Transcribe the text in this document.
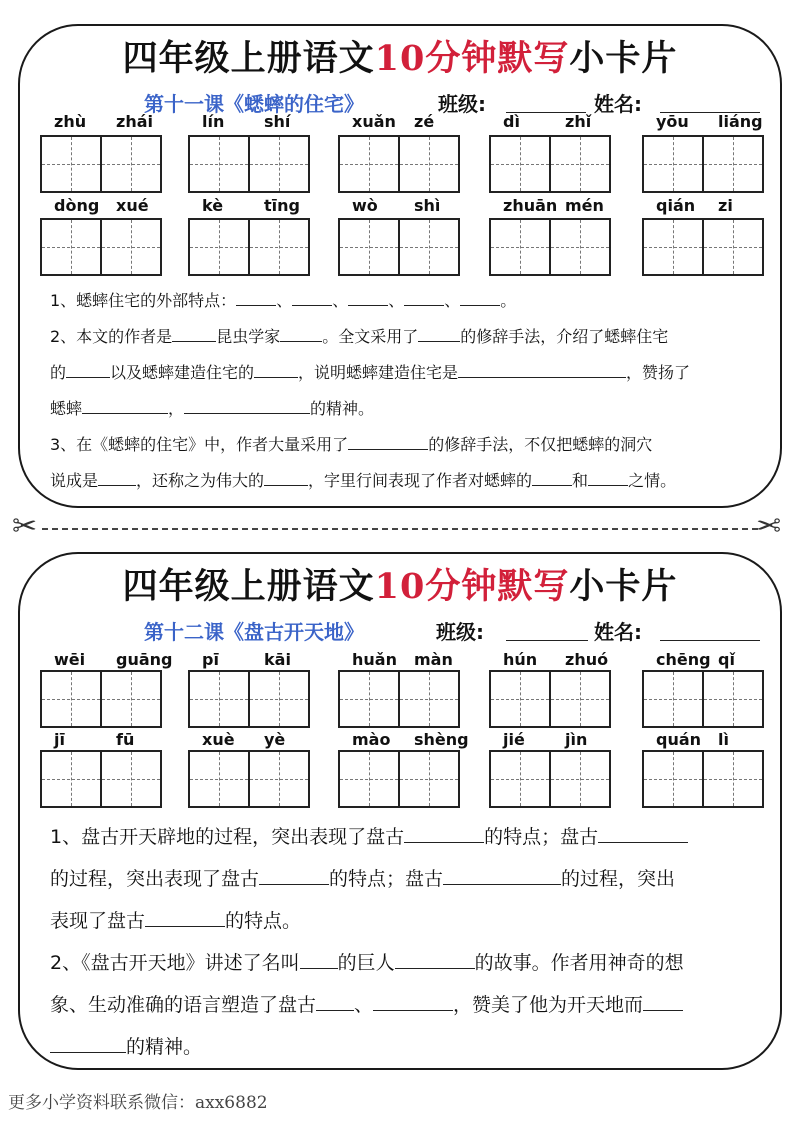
四年级上册语文10分钟默写小卡片
第十一课《蟋蟀的住宅》	班级:	姓名:
zhù zhái	lín shí	xuǎn zé	dì	zhǐ	yōu liáng
dòng xué	kè	tīng	wò shì	zhuān mén	qián zi
1、蟋蟀住宅的外部特点：	、	、	、	、	。
2、本文的作者是	昆虫学家	。全文采用了	的修辞手法，介绍了蟋蟀住宅
的	以及蟋蟀建造住宅的	，说明蟋蟀建造住宅是	，赞扬了
蟋蟀	，	的精神。
3、在《蟋蟀的住宅》中，作者大量采用了	的修辞手法，不仅把蟋蟀的洞穴
说成是 ，还称之为伟大的	，字里行间表现了作者对蟋蟀的	和	之情。
✂	✂
四年级上册语文10分钟默写小卡片
第十二课《盘古开天地》	班级:	姓名:
wēi guāng pī	kāi	huǎn màn	hún zhuó	chēng qǐ
jī	fū	xuè yè	mào shèng jié	jìn	quán lì
1、盘古开天辟地的过程，突出表现了盘古	的特点；盘古
的过程，突出表现了盘古	的特点；盘古	的过程，突出
表现了盘古	的特点。
2、《盘古开天地》讲述了名叫 的巨人	的故事。作者用神奇的想
象、生动准确的语言塑造了盘古 、	，赞美了他为开天地而
的精神。
更多小学资料联系微信：axx6882
